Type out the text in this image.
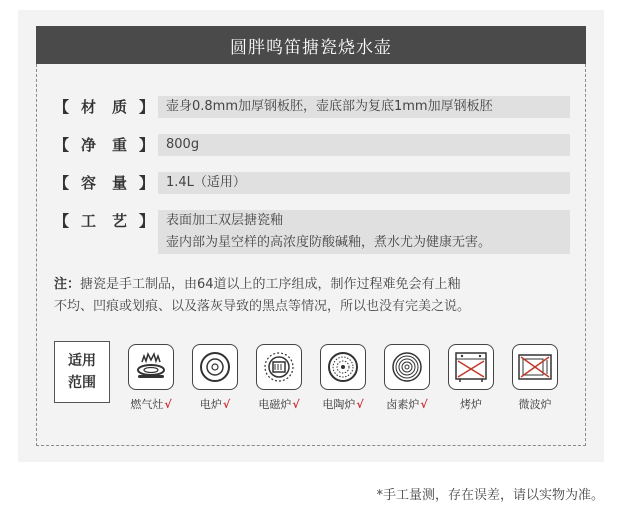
圆胖鸣笛搪瓷烧水壶
【 材 质 】 壶身0.8mm加厚钢板胚，壶底部为复底1mm加厚钢板胚
【 净 重 】 800g
【 容 量 】 1.4L（适用）
【 工 艺 】 表面加工双层搪瓷釉
壶内部为星空样的高浓度防酸碱釉，煮水尤为健康无害。
注：搪瓷是手工制品，由64道以上的工序组成，制作过程难免会有上釉
不均、凹痕或划痕、以及落灰导致的黑点等情况，所以也没有完美之说。
适用
范围
燃气灶√	电炉√	电磁炉√	电陶炉√	卤素炉√	烤炉	微波炉
*手工量测，存在误差，请以实物为准。
